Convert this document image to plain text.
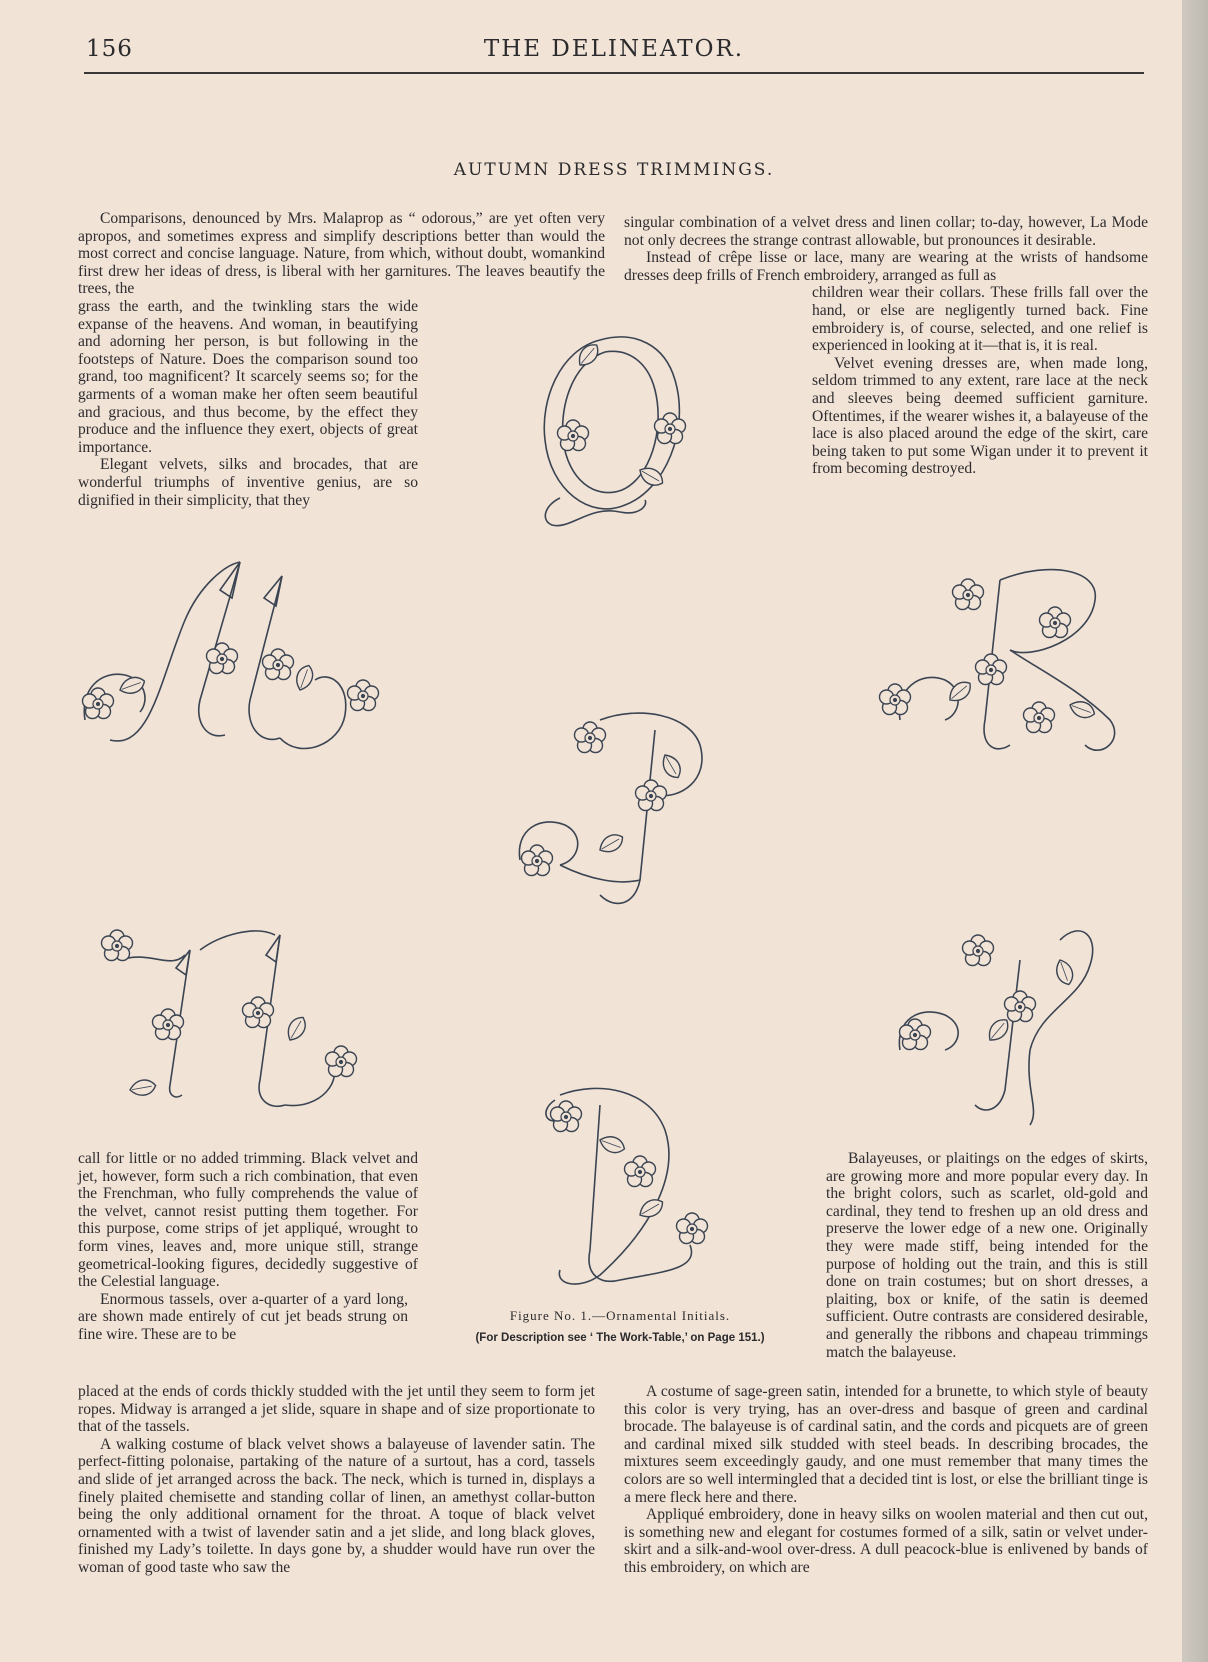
156	THE DELINEATOR.
AUTUMN DRESS TRIMMINGS.

Comparisons, denounced by Mrs. Malaprop as “ odorous,” are yet often very apropos, and sometimes express and simplify descriptions better than would the most correct and concise language. Nature, from which, without doubt, womankind first drew her ideas of dress, is liberal with her garnitures. The leaves beautify the trees, the

grass the earth, and the twinkling stars the wide expanse of the heavens. And woman, in beautifying and adorning her person, is but following in the footsteps of Nature. Does the comparison sound too grand, too magnificent? It scarcely seems so; for the garments of a woman make her often seem beautiful and gracious, and thus become, by the effect they produce and the influence they exert, objects of great importance.

Elegant velvets, silks and brocades, that are wonderful triumphs of inventive genius, are so dignified in their simplicity, that they

singular combination of a velvet dress and linen collar; to-day, however, La Mode not only decrees the strange contrast allowable, but pronounces it desirable.

Instead of crêpe lisse or lace, many are wearing at the wrists of handsome dresses deep frills of French embroidery, arranged as full as

children wear their collars. These frills fall over the hand, or else are negligently turned back. Fine embroidery is, of course, selected, and one relief is experienced in looking at it—that is, it is real.

Velvet evening dresses are, when made long, seldom trimmed to any extent, rare lace at the neck and sleeves being deemed sufficient garniture. Oftentimes, if the wearer wishes it, a balayeuse of the lace is also placed around the edge of the skirt, care being taken to put some Wigan under it to prevent it from becoming destroyed.

Figure No. 1.—Ornamental Initials.
(For Description see ‘ The Work-Table,’ on Page 151.)

call for little or no added trimming. Black velvet and jet, however, form such a rich combination, that even the Frenchman, who fully comprehends the value of the velvet, cannot resist putting them together. For this purpose, come strips of jet appliqué, wrought to form vines, leaves and, more unique still, strange geometrical-looking figures, decidedly suggestive of the Celestial language.

Enormous tassels, over a-quarter of a yard long, are shown made entirely of cut jet beads strung on fine wire. These are to be

Balayeuses, or plaitings on the edges of skirts, are growing more and more popular every day. In the bright colors, such as scarlet, old-gold and cardinal, they tend to freshen up an old dress and preserve the lower edge of a new one. Originally they were made stiff, being intended for the purpose of holding out the train, and this is still done on train costumes; but on short dresses, a plaiting, box or knife, of the satin is deemed sufficient. Outre contrasts are considered desirable, and generally the ribbons and chapeau trimmings match the balayeuse.

placed at the ends of cords thickly studded with the jet until they seem to form jet ropes. Midway is arranged a jet slide, square in shape and of size proportionate to that of the tassels.

A walking costume of black velvet shows a balayeuse of lavender satin. The perfect-fitting polonaise, partaking of the nature of a surtout, has a cord, tassels and slide of jet arranged across the back. The neck, which is turned in, displays a finely plaited chemisette and standing collar of linen, an amethyst collar-button being the only additional ornament for the throat. A toque of black velvet ornamented with a twist of lavender satin and a jet slide, and long black gloves, finished my Lady’s toilette. In days gone by, a shudder would have run over the woman of good taste who saw the

A costume of sage-green satin, intended for a brunette, to which style of beauty this color is very trying, has an over-dress and basque of green and cardinal brocade. The balayeuse is of cardinal satin, and the cords and picquets are of green and cardinal mixed silk studded with steel beads. In describing brocades, the mixtures seem exceedingly gaudy, and one must remember that many times the colors are so well intermingled that a decided tint is lost, or else the brilliant tinge is a mere fleck here and there.

Appliqué embroidery, done in heavy silks on woolen material and then cut out, is something new and elegant for costumes formed of a silk, satin or velvet under-skirt and a silk-and-wool over-dress. A dull peacock-blue is enlivened by bands of this embroidery, on which are
